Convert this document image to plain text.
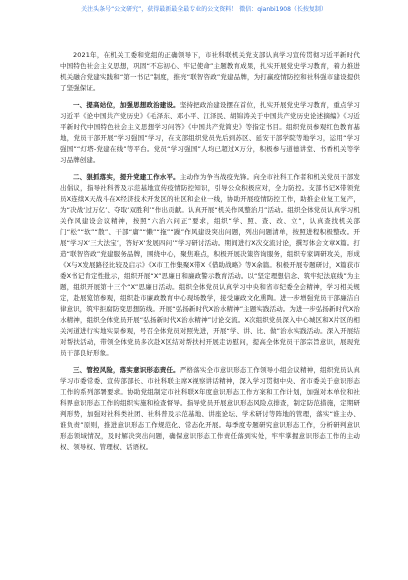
关注头条号“公文研究”，获得最新最全最专业的公文资料！ 微信：qianbi1908（长按复制）

2021年，在机关工委和党组的正确领导下，市社科联机关党支部认真学习宣传贯彻习近平新时代中国特色社会主义思想，巩固“不忘初心、牢记使命”主题教育成果，扎实开展党史学习教育，着力推进机关融合党建实践和“第一书记”制度，推亮“联智咨政”党建品牌，为打赢疫情防控和社科强市建设提供了坚强保证。

一、提高站位，加强思想政治建设。坚持把政治建设摆在首位，扎实开展党史学习教育，重点学习习近平《论中国共产党历史》《毛泽东、邓小平、江泽民、胡锦涛关于中国共产党历史论述摘编》《习近平新时代中国特色社会主义思想学习问答》《中国共产党简史》等指定书目。组织党员参观红色教育基地，党员干部开展“学习强国”学习，在支部组织党员先后到苏区、延安干部学院等地学习，运用“学习强国”“灯塔-党建在线”等平台。党员“学习强国”人均已超过X万分，积极参与道德讲堂、书香机关等学习品牌创建。

二、狠抓落实，提升党建工作水平。主动作为争当战疫先锋。向全市社科工作者和机关党员干部发出倡议，指导社科普及示范基地宣传疫情防控知识，引导公众积极应对，全力防控。支部书记X带领党员X连续X天战斗在X经济技术开发区的社区和企业一线，协助开展疫情防控工作，助推企业复工复产，为“决战‘过万亿’、夺取‘双胜利’”作出贡献。认真开展“机关作风整治月”活动。组织全体党员认真学习机关作风建设会议精神，按照“六治六问正”要求，组织“学、照、查、改、立”，认真查找机关部门“松”“软”“散”、干部“庸”“懒”“拖”“躁”作风建设突出问题，列出问题清单，按照进程积极整改。开展“学习X‘三大法宝’，答好X‘发展四问’”学习研讨活动。期间进行X次交流讨论，撰写体会文章X篇。打造“联智咨政”党建服务品牌，围绕中心，聚焦难点，积极开展决策咨询服务，组织专家调研攻关，形成《X与X发展路径比较及启示》《X市工作集聚X带X《借助战略》等X余篇。积极开展专题研讨，X篇获市委X书记肯定性批示，组织开展“X”思廉日和廉政警示教育活动。以“坚定理想信念、筑牢纪法底线”为主题，组织开展第十三个“X”思廉日活动。组织全体党员认真学习中央和省市纪委全会精神，学习相关规定，赴展览馆参观，组织赴市廉政教育中心现场教学，接受廉政文化熏陶。进一步增强党员干部廉洁自律意识，筑牢拒腐防变思想防线。开展“弘扬新时代X治水精神”主题实践活动。为进一步弘扬新时代X治水精神，组织全体党员开展“弘扬新时代X治水精神”讨论交流。X次组织党员深入中心城区和X片区的相关河道进行实地实景参观，号召全体党员对照先进，开展“学、讲、比、做”治水实践活动。深入开展结对帮扶活动，带领全体党员多次赴X区结对帮扶村开展走访慰问，提高全体党员干部宗旨意识，展现党员干部良好形象。

三、管控风险，落实意识形态责任。严格落实全市意识形态工作领导小组会议精神，组织党员认真学习市委常委、宣传部部长、市社科联主席X视察讲话精神，深入学习贯彻中央、省市委关于意识形态工作的系列部署要求。协助党组制定市社科联X年度意识形态工作方案和工作计划，加强对本单位和社科界意识形态工作的组织实施和检查督导。指导党员开展意识形态风险点排查，制定防范措施，定期研判形势，加强对社科类社团、社科普及示范基地、讲座论坛、学术研讨等阵地的管理，落实“谁主办、谁负责”原则，推进意识形态工作规范化、常态化开展。每季度专题研究意识形态工作，分析研判意识形态领域情况，及时解决突出问题，确保意识形态工作责任落到实处，牢牢掌握意识形态工作的主动权、领导权、管理权、话语权。
